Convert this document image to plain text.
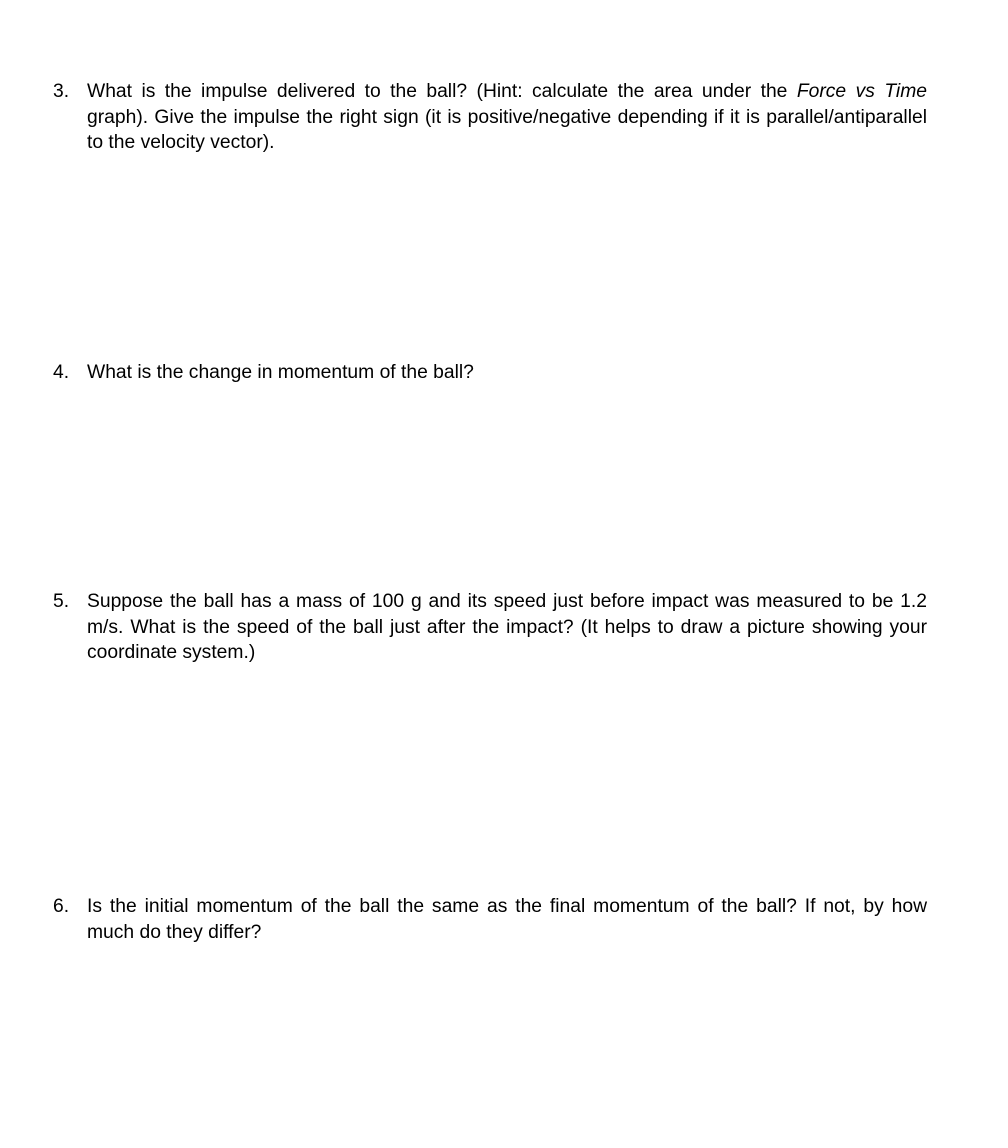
3. What is the impulse delivered to the ball? (Hint: calculate the area under the Force vs Time graph). Give the impulse the right sign (it is positive/negative depending if it is parallel/antiparallel to the velocity vector).
4. What is the change in momentum of the ball?
5. Suppose the ball has a mass of 100 g and its speed just before impact was measured to be 1.2 m/s. What is the speed of the ball just after the impact? (It helps to draw a picture showing your coordinate system.)
6. Is the initial momentum of the ball the same as the final momentum of the ball? If not, by how much do they differ?
